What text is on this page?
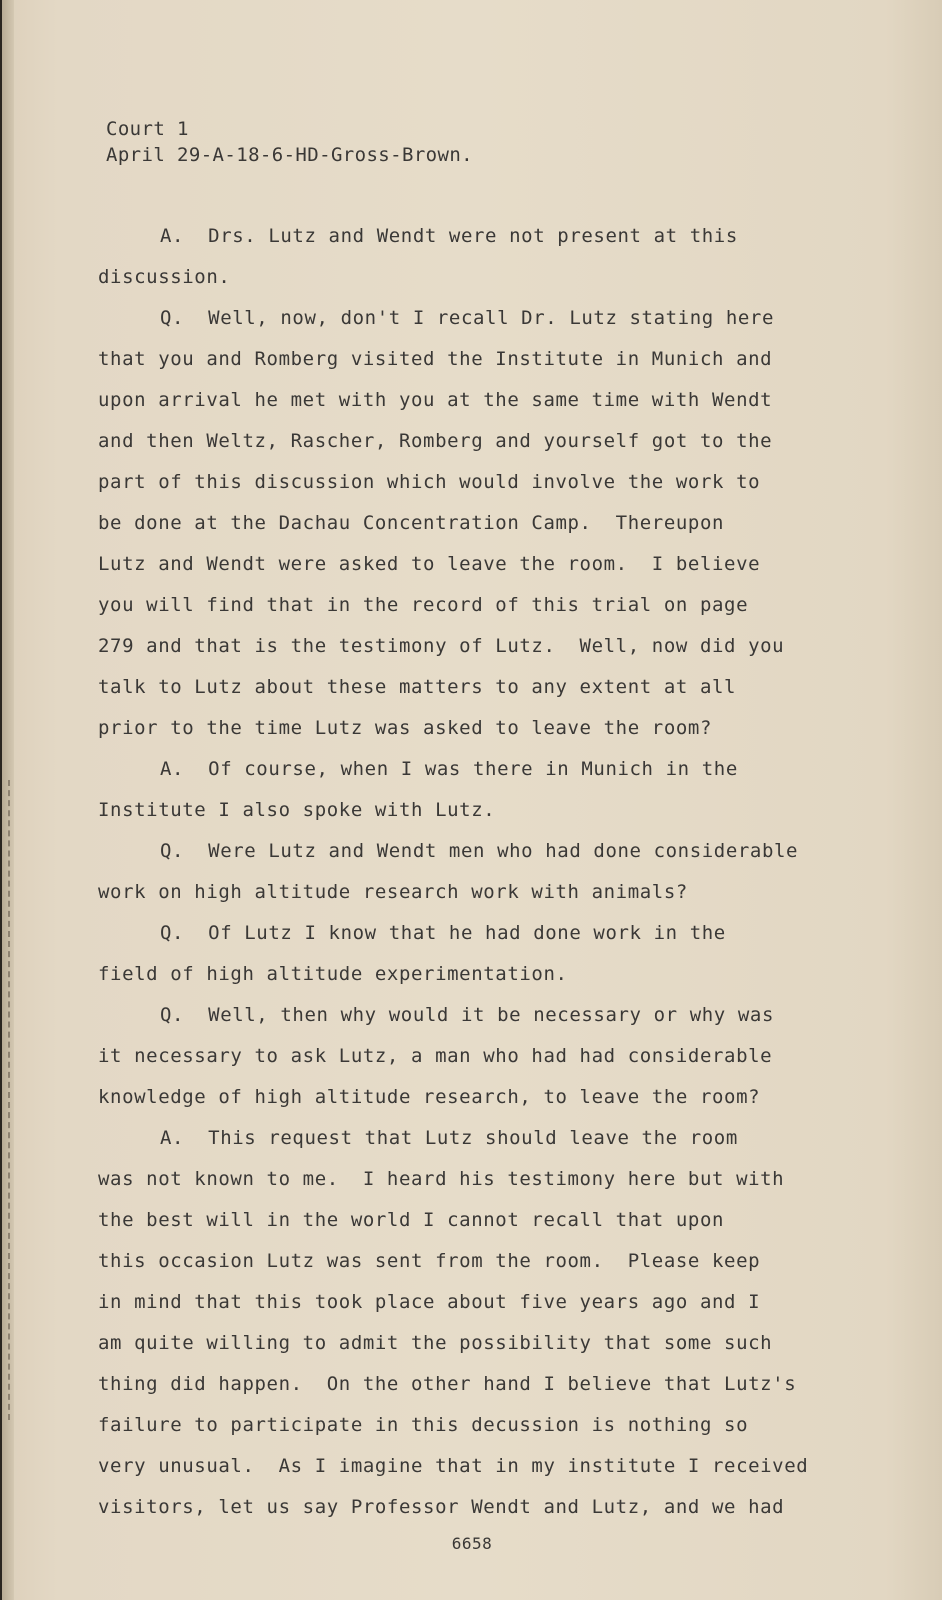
Court 1
April 29-A-18-6-HD-Gross-Brown.
A.  Drs. Lutz and Wendt were not present at this
discussion.
Q.  Well, now, don't I recall Dr. Lutz stating here
that you and Romberg visited the Institute in Munich and
upon arrival he met with you at the same time with Wendt
and then Weltz, Rascher, Romberg and yourself got to the
part of this discussion which would involve the work to
be done at the Dachau Concentration Camp.  Thereupon
Lutz and Wendt were asked to leave the room.  I believe
you will find that in the record of this trial on page
279 and that is the testimony of Lutz.  Well, now did you
talk to Lutz about these matters to any extent at all
prior to the time Lutz was asked to leave the room?
A.  Of course, when I was there in Munich in the
Institute I also spoke with Lutz.
Q.  Were Lutz and Wendt men who had done considerable
work on high altitude research work with animals?
Q.  Of Lutz I know that he had done work in the
field of high altitude experimentation.
Q.  Well, then why would it be necessary or why was
it necessary to ask Lutz, a man who had had considerable
knowledge of high altitude research, to leave the room?
A.  This request that Lutz should leave the room
was not known to me.  I heard his testimony here but with
the best will in the world I cannot recall that upon
this occasion Lutz was sent from the room.  Please keep
in mind that this took place about five years ago and I
am quite willing to admit the possibility that some such
thing did happen.  On the other hand I believe that Lutz's
failure to participate in this decussion is nothing so
very unusual.  As I imagine that in my institute I received
visitors, let us say Professor Wendt and Lutz, and we had
6658
